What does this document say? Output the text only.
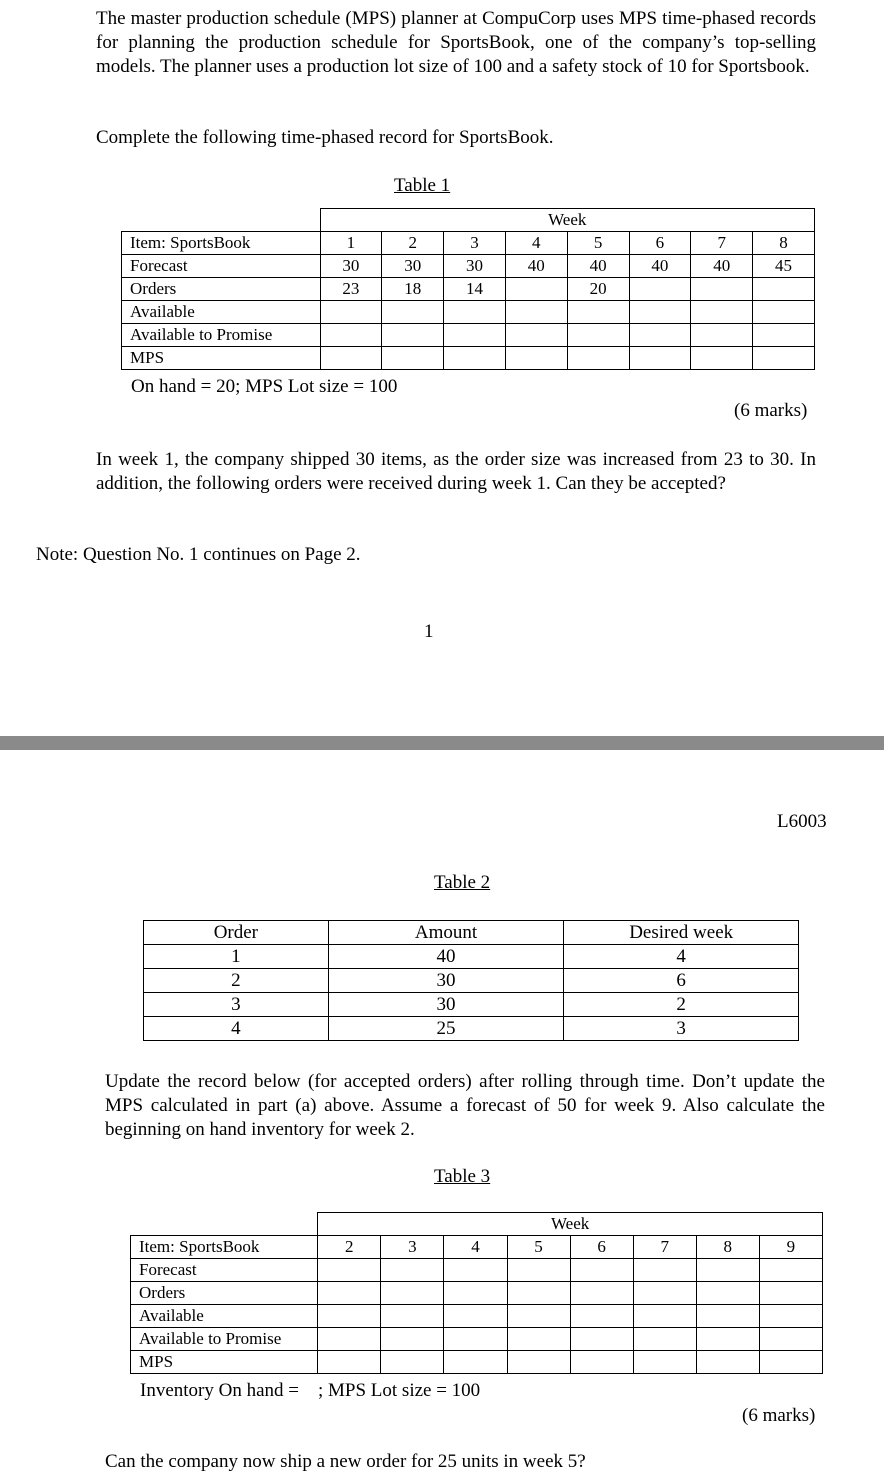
The master production schedule (MPS) planner at CompuCorp uses MPS time-phased records for planning the production schedule for SportsBook, one of the company’s top-selling models. The planner uses a production lot size of 100 and a safety stock of 10 for Sportsbook.
Complete the following time-phased record for SportsBook.
Table 1
	Week							
Item: SportsBook	1	2	3	4	5	6	7	8
Forecast	30	30	30	40	40	40	40	45
Orders	23	18	14		20			
Available								
Available to Promise								
MPS								
On hand = 20; MPS Lot size = 100
(6 marks)
In week 1, the company shipped 30 items, as the order size was increased from 23 to 30. In addition, the following orders were received during week 1. Can they be accepted?
Note: Question No. 1 continues on Page 2.
1
L6003
Table 2
Order	Amount	Desired week
1	40	4
2	30	6
3	30	2
4	25	3
Update the record below (for accepted orders) after rolling through time. Don’t update the MPS calculated in part (a) above. Assume a forecast of 50 for week 9. Also calculate the beginning on hand inventory for week 2.
Table 3
	Week							
Item: SportsBook	2	3	4	5	6	7	8	9
Forecast								
Orders								
Available								
Available to Promise								
MPS								
Inventory On hand =    ; MPS Lot size = 100
(6 marks)
Can the company now ship a new order for 25 units in week 5?
